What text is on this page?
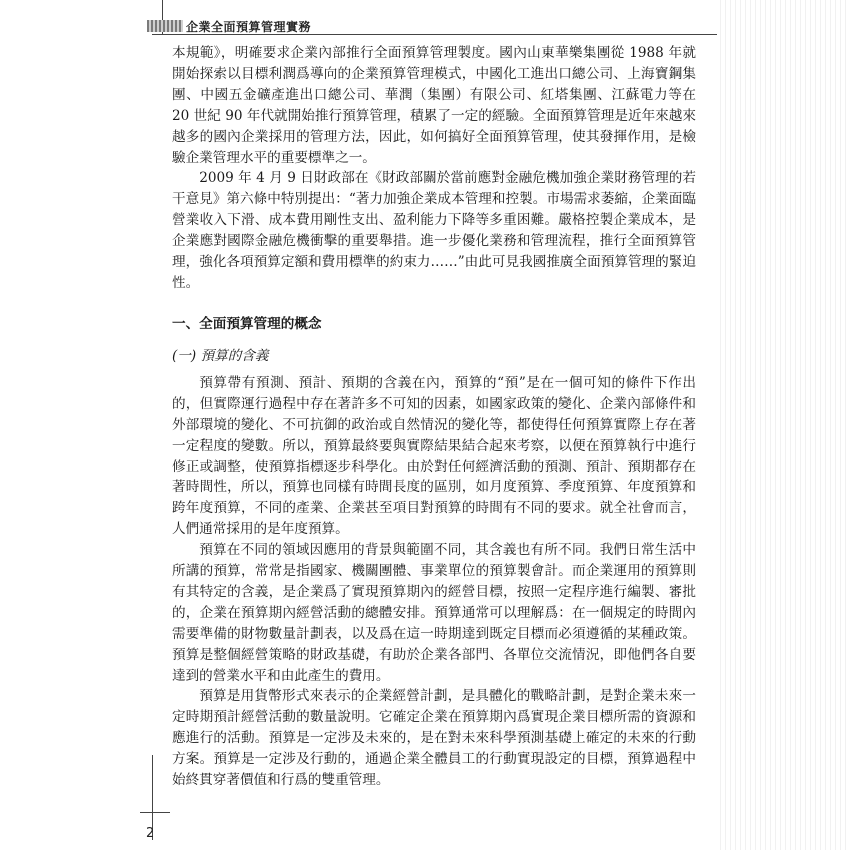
企業全面預算管理實務

本規範》，明確要求企業內部推行全面預算管理製度。國內山東華樂集團從 1988 年就開始探索以目標利潤爲導向的企業預算管理模式，中國化工進出口總公司、上海寶鋼集團、中國五金礦產進出口總公司、華潤（集團）有限公司、紅塔集團、江蘇電力等在 20 世紀 90 年代就開始推行預算管理，積累了一定的經驗。全面預算管理是近年來越來越多的國內企業採用的管理方法，因此，如何搞好全面預算管理，使其發揮作用，是檢驗企業管理水平的重要標準之一。

2009 年 4 月 9 日財政部在《財政部關於當前應對金融危機加強企業財務管理的若干意見》第六條中特別提出：“著力加強企業成本管理和控製。市場需求萎縮，企業面臨營業收入下滑、成本費用剛性支出、盈利能力下降等多重困難。嚴格控製企業成本，是企業應對國際金融危機衝擊的重要舉措。進一步優化業務和管理流程，推行全面預算管理，強化各項預算定額和費用標準的約束力……”由此可見我國推廣全面預算管理的緊迫性。

一、全面預算管理的概念
(一) 預算的含義

預算帶有預測、預計、預期的含義在內，預算的“預”是在一個可知的條件下作出的，但實際運行過程中存在著許多不可知的因素，如國家政策的變化、企業內部條件和外部環境的變化、不可抗御的政治或自然情況的變化等，都使得任何預算實際上存在著一定程度的變數。所以，預算最終要與實際結果結合起來考察，以便在預算執行中進行修正或調整，使預算指標逐步科學化。由於對任何經濟活動的預測、預計、預期都存在著時間性，所以，預算也同樣有時間長度的區別，如月度預算、季度預算、年度預算和跨年度預算，不同的產業、企業甚至項目對預算的時間有不同的要求。就全社會而言，人們通常採用的是年度預算。

預算在不同的領域因應用的背景與範圍不同，其含義也有所不同。我們日常生活中所講的預算，常常是指國家、機關團體、事業單位的預算製會計。而企業運用的預算則有其特定的含義，是企業爲了實現預算期內的經營目標，按照一定程序進行編製、審批的，企業在預算期內經營活動的總體安排。預算通常可以理解爲：在一個規定的時間內需要準備的財物數量計劃表，以及爲在這一時期達到既定目標而必須遵循的某種政策。預算是整個經營策略的財政基礎，有助於企業各部門、各單位交流情況，即他們各自要達到的營業水平和由此產生的費用。

預算是用貨幣形式來表示的企業經營計劃，是具體化的戰略計劃，是對企業未來一定時期預計經營活動的數量說明。它確定企業在預算期內爲實現企業目標所需的資源和應進行的活動。預算是一定涉及未來的，是在對未來科學預測基礎上確定的未來的行動方案。預算是一定涉及行動的，通過企業全體員工的行動實現設定的目標，預算過程中始終貫穿著價值和行爲的雙重管理。

2
